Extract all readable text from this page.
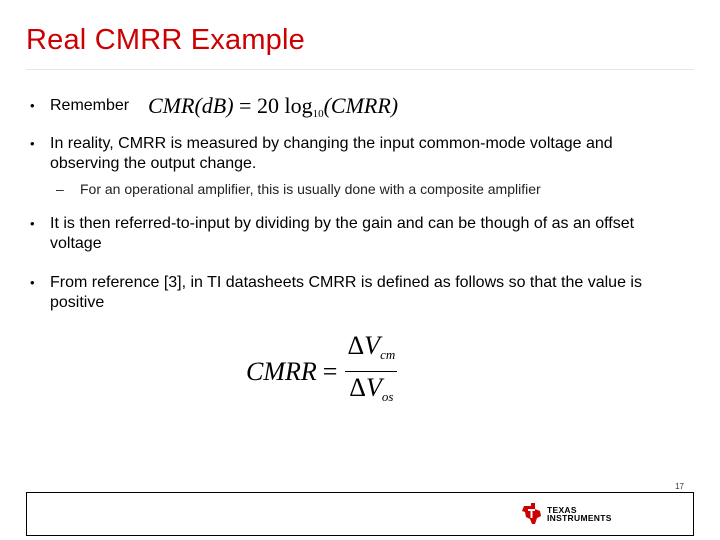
Real CMRR Example
• Remember CMR(dB) = 20 $\log_{10}(CMRR)$
• In reality, CMRR is measured by changing the input common-mode voltage and observing the output change.
– For an operational amplifier, this is usually done with a composite amplifier
• It is then referred-to-input by dividing by the gain and can be though of as an offset voltage
• From reference [3], in TI datasheets CMRR is defined as follows so that the value is positive
CMRR = $\frac{\Delta V_{cm}}{\Delta V_{os}}$
17
TEXAS
INSTRUMENTS
